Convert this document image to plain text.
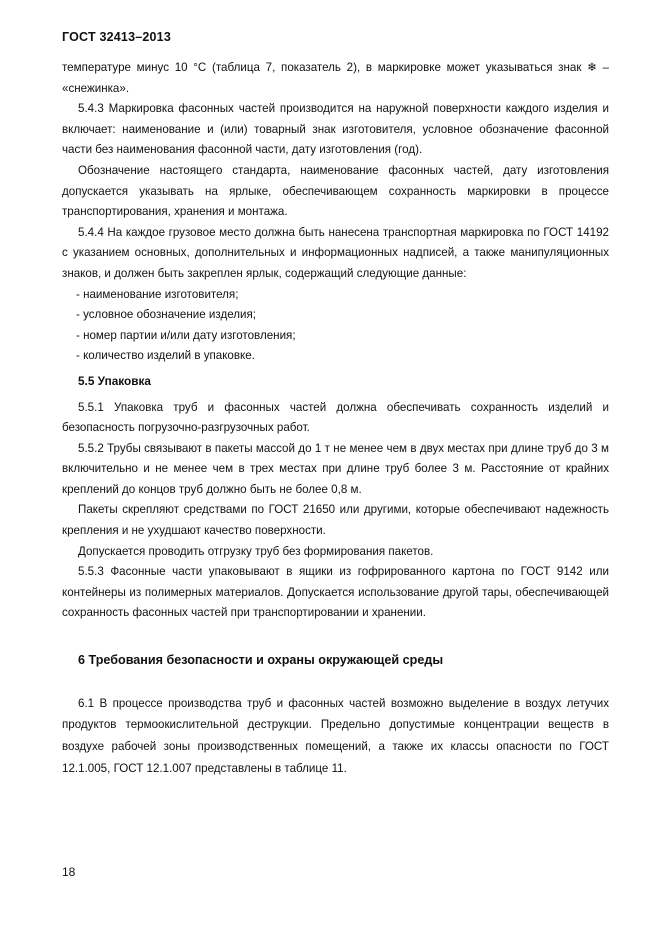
ГОСТ 32413–2013

температуре минус 10 °С (таблица 7, показатель 2), в маркировке может указываться знак ❄ – «снежинка».

5.4.3 Маркировка фасонных частей производится на наружной поверхности каждого изделия и включает: наименование и (или) товарный знак изготовителя, условное обозначение фасонной части без наименования фасонной части, дату изготовления (год).

Обозначение настоящего стандарта, наименование фасонных частей, дату изготовления допускается указывать на ярлыке, обеспечивающем сохранность маркировки в процессе транспортирования, хранения и монтажа.

5.4.4 На каждое грузовое место должна быть нанесена транспортная маркировка по ГОСТ 14192 с указанием основных, дополнительных и информационных надписей, а также манипуляционных знаков, и должен быть закреплен ярлык, содержащий следующие данные:

- наименование изготовителя;

- условное обозначение изделия;

- номер партии и/или дату изготовления;

- количество изделий в упаковке.

5.5 Упаковка

5.5.1 Упаковка труб и фасонных частей должна обеспечивать сохранность изделий и безопасность погрузочно-разгрузочных работ.

5.5.2 Трубы связывают в пакеты массой до 1 т не менее чем в двух местах при длине труб до 3 м включительно и не менее чем в трех местах при длине труб более 3 м. Расстояние от крайних креплений до концов труб должно быть не более 0,8 м.

Пакеты скрепляют средствами по ГОСТ 21650 или другими, которые обеспечивают надежность крепления и не ухудшают качество поверхности.

Допускается проводить отгрузку труб без формирования пакетов.

5.5.3 Фасонные части упаковывают в ящики из гофрированного картона по ГОСТ 9142 или контейнеры из полимерных материалов. Допускается использование другой тары, обеспечивающей сохранность фасонных частей при транспортировании и хранении.

6 Требования безопасности и охраны окружающей среды

6.1 В процессе производства труб и фасонных частей возможно выделение в воздух летучих продуктов термоокислительной деструкции. Предельно допустимые концентрации веществ в воздухе рабочей зоны производственных помещений, а также их классы опасности по ГОСТ 12.1.005, ГОСТ 12.1.007 представлены в таблице 11.

18
